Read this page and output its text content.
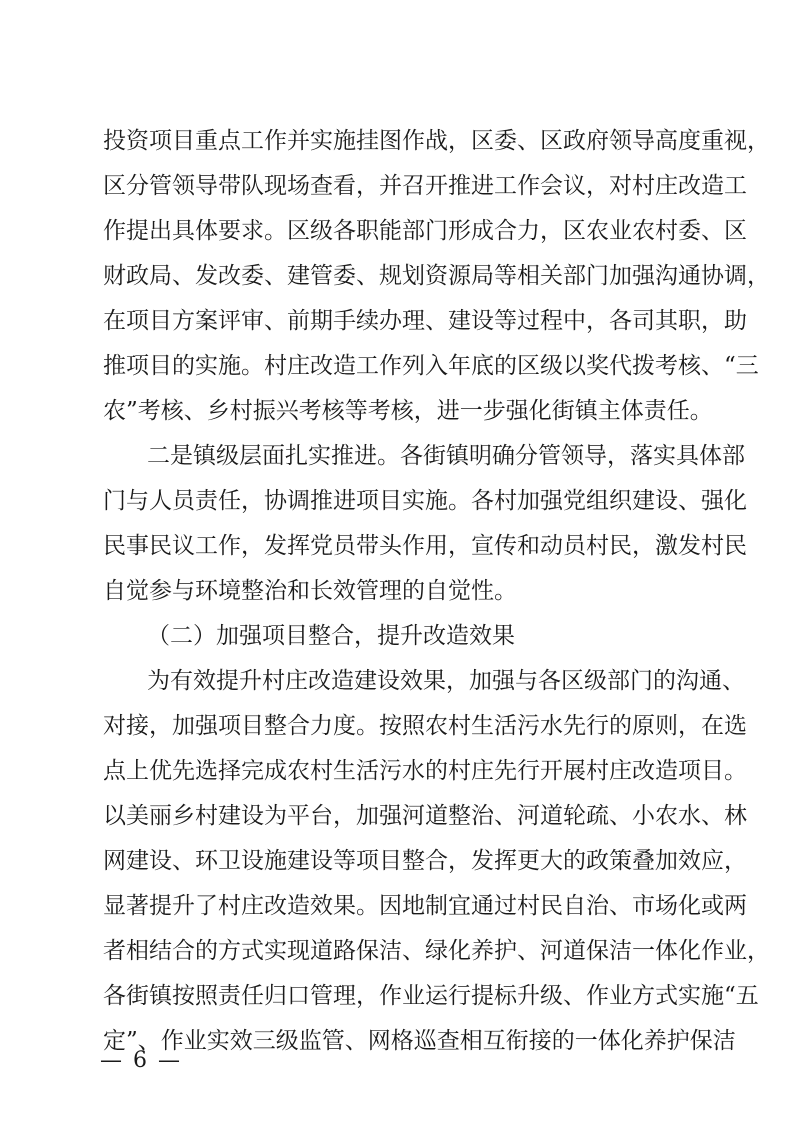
投资项目重点工作并实施挂图作战，区委、区政府领导高度重视，
区分管领导带队现场查看，并召开推进工作会议，对村庄改造工
作提出具体要求。区级各职能部门形成合力，区农业农村委、区
财政局、发改委、建管委、规划资源局等相关部门加强沟通协调，
在项目方案评审、前期手续办理、建设等过程中，各司其职，助
推项目的实施。村庄改造工作列入年底的区级以奖代拨考核、“三
农”考核、乡村振兴考核等考核，进一步强化街镇主体责任。
二是镇级层面扎实推进。各街镇明确分管领导，落实具体部
门与人员责任，协调推进项目实施。各村加强党组织建设、强化
民事民议工作，发挥党员带头作用，宣传和动员村民，激发村民
自觉参与环境整治和长效管理的自觉性。
（二）加强项目整合，提升改造效果
为有效提升村庄改造建设效果，加强与各区级部门的沟通、
对接，加强项目整合力度。按照农村生活污水先行的原则，在选
点上优先选择完成农村生活污水的村庄先行开展村庄改造项目。
以美丽乡村建设为平台，加强河道整治、河道轮疏、小农水、林
网建设、环卫设施建设等项目整合，发挥更大的政策叠加效应，
显著提升了村庄改造效果。因地制宜通过村民自治、市场化或两
者相结合的方式实现道路保洁、绿化养护、河道保洁一体化作业，
各街镇按照责任归口管理，作业运行提标升级、作业方式实施“五
定”、作业实效三级监管、网格巡查相互衔接的一体化养护保洁
— 6 —
